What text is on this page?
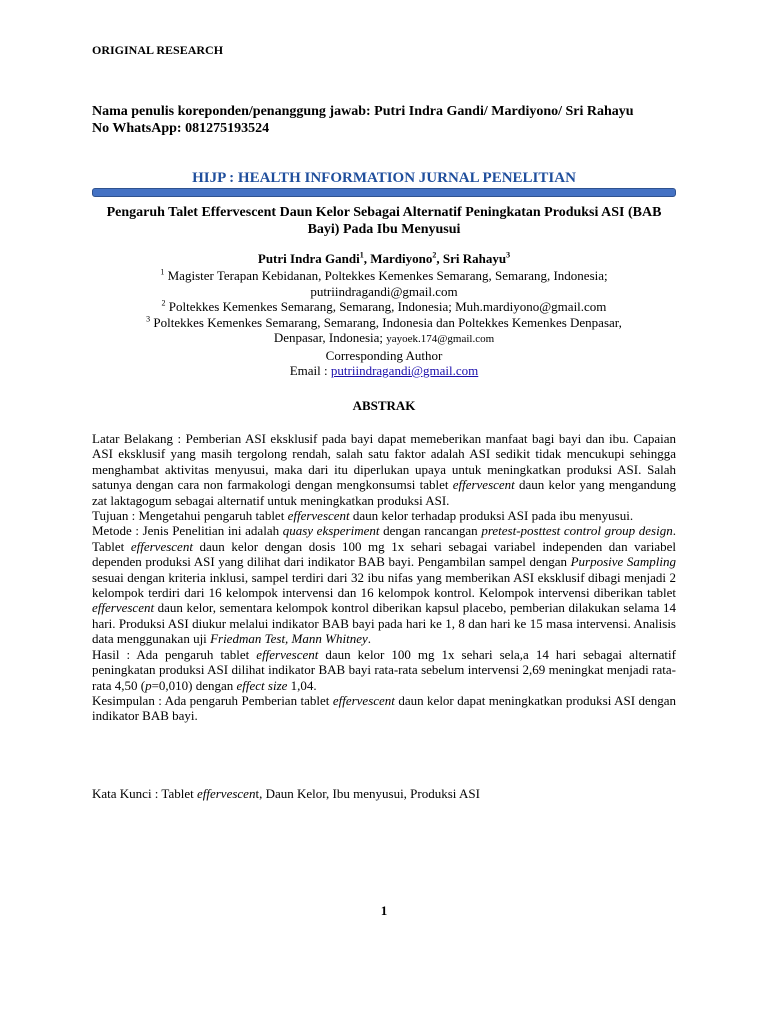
ORIGINAL RESEARCH
Nama penulis koreponden/penanggung jawab: Putri Indra Gandi/ Mardiyono/ Sri Rahayu
No WhatsApp: 081275193524
HIJP : HEALTH INFORMATION JURNAL PENELITIAN
Pengaruh Talet Effervescent Daun Kelor Sebagai Alternatif Peningkatan Produksi ASI (BAB Bayi) Pada Ibu Menyusui
Putri Indra Gandi$^1$, Mardiyono$^2$, Sri Rahayu$^3$
$^1$ Magister Terapan Kebidanan, Poltekkes Kemenkes Semarang, Semarang, Indonesia;
putriindragandi@gmail.com
$^2$ Poltekkes Kemenkes Semarang, Semarang, Indonesia; Muh.mardiyono@gmail.com
$^3$ Poltekkes Kemenkes Semarang, Semarang, Indonesia dan Poltekkes Kemenkes Denpasar,
Denpasar, Indonesia; yayoek.174@gmail.com
Corresponding Author
Email : putriindragandi@gmail.com
ABSTRAK

Latar Belakang : Pemberian ASI eksklusif pada bayi dapat memeberikan manfaat bagi bayi dan ibu. Capaian ASI eksklusif yang masih tergolong rendah, salah satu faktor adalah ASI sedikit tidak mencukupi sehingga menghambat aktivitas menyusui, maka dari itu diperlukan upaya untuk meningkatkan produksi ASI. Salah satunya dengan cara non farmakologi dengan mengkonsumsi tablet effervescent daun kelor yang mengandung zat laktagogum sebagai alternatif untuk meningkatkan produksi ASI.

Tujuan : Mengetahui pengaruh tablet effervescent daun kelor terhadap produksi ASI pada ibu menyusui.

Metode : Jenis Penelitian ini adalah quasy eksperiment dengan rancangan pretest-posttest control group design. Tablet effervescent daun kelor dengan dosis 100 mg 1x sehari sebagai variabel independen dan variabel dependen produksi ASI yang dilihat dari indikator BAB bayi. Pengambilan sampel dengan Purposive Sampling sesuai dengan kriteria inklusi, sampel terdiri dari 32 ibu nifas yang memberikan ASI eksklusif dibagi menjadi 2 kelompok terdiri dari 16 kelompok intervensi dan 16 kelompok kontrol. Kelompok intervensi diberikan tablet effervescent daun kelor, sementara kelompok kontrol diberikan kapsul placebo, pemberian dilakukan selama 14 hari. Produksi ASI diukur melalui indikator BAB bayi pada hari ke 1, 8 dan hari ke 15 masa intervensi. Analisis data menggunakan uji Friedman Test, Mann Whitney.

Hasil : Ada pengaruh tablet effervescent daun kelor 100 mg 1x sehari sela,a 14 hari sebagai alternatif peningkatan produksi ASI dilihat indikator BAB bayi rata-rata sebelum intervensi 2,69 meningkat menjadi rata-rata 4,50 (p=0,010) dengan effect size 1,04.

Kesimpulan : Ada pengaruh Pemberian tablet effervescent daun kelor dapat meningkatkan produksi ASI dengan indikator BAB bayi.

Kata Kunci : Tablet effervescent, Daun Kelor, Ibu menyusui, Produksi ASI
1
